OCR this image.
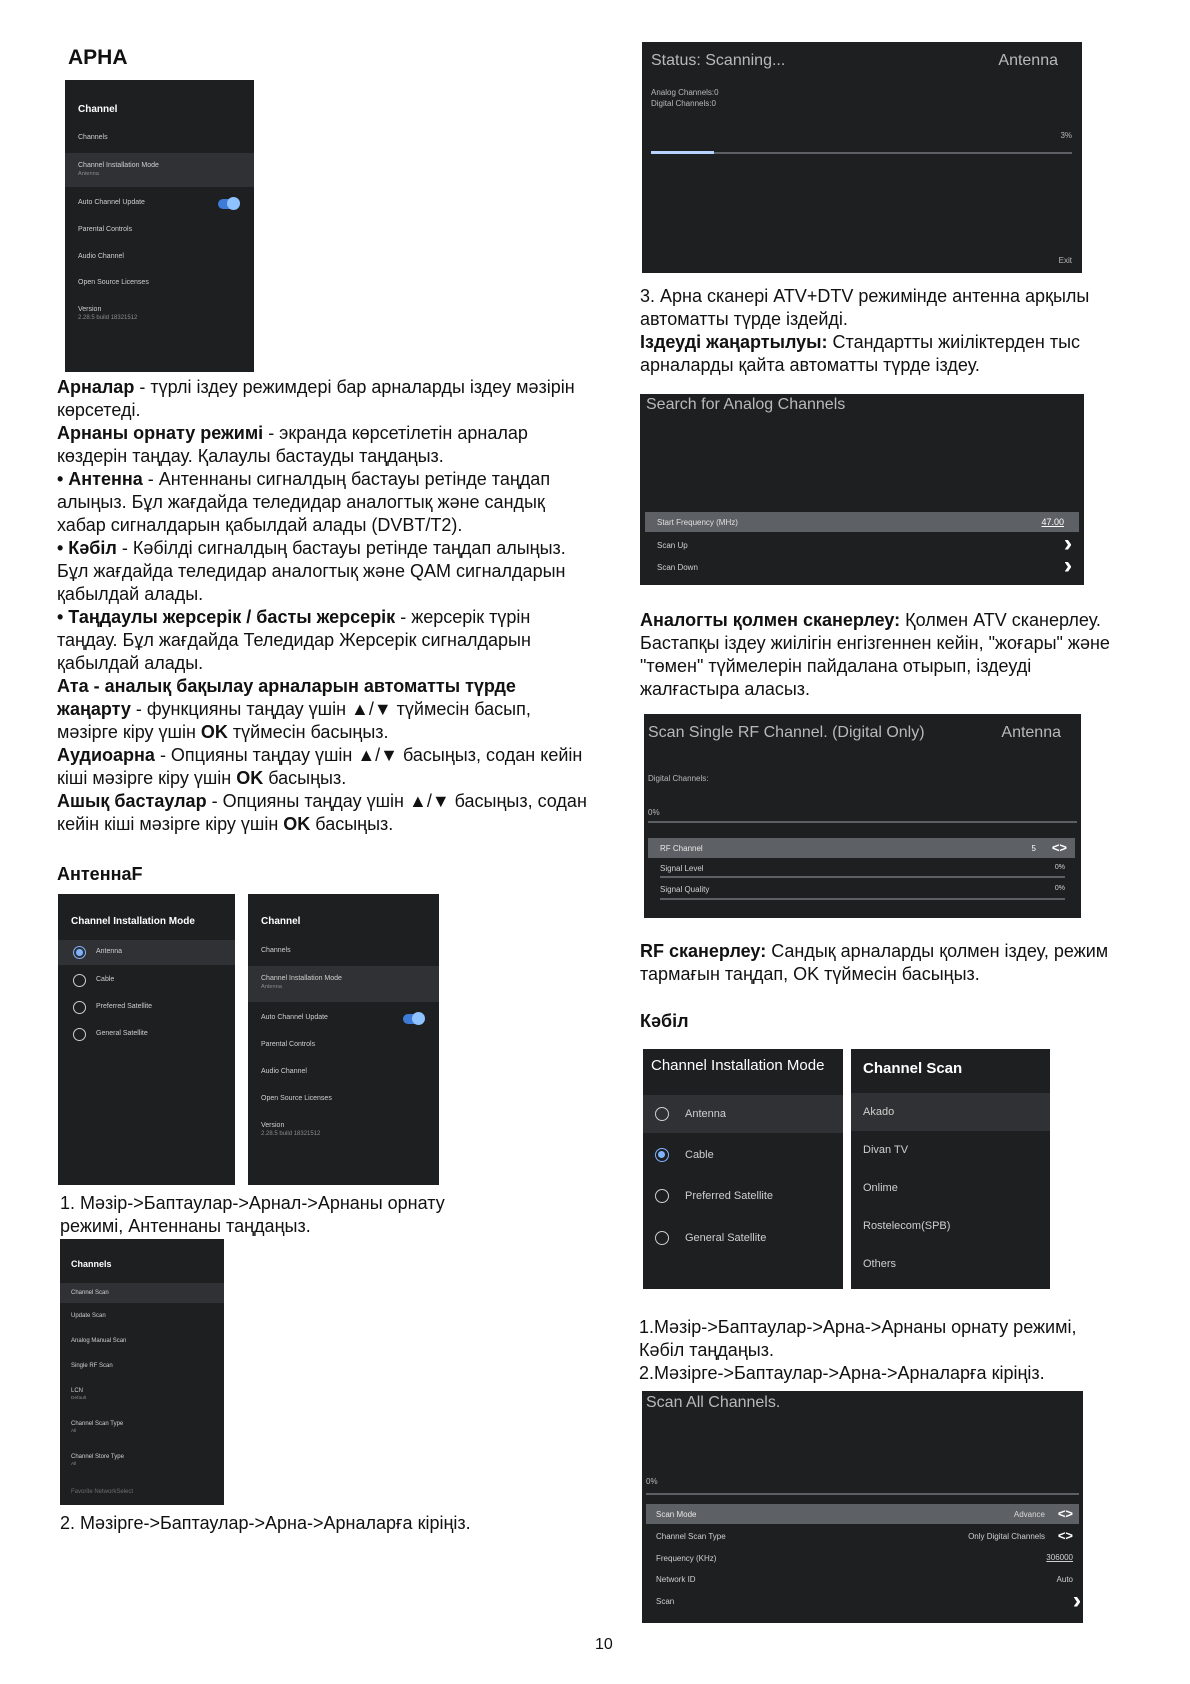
АРНА
Channel
Channels
Channel Installation Mode
Antenna
Auto Channel Update
Parental Controls
Audio Channel
Open Source Licenses
Version
2.28.5 build 18321512

Арналар - түрлі іздеу режимдері бар арналарды іздеу мәзірін көрсетеді.

Арнаны орнату режимі - экранда көрсетілетін арналар көздерін таңдау. Қалаулы бастауды таңдаңыз.

• Антенна - Антеннаны сигналдың бастауы ретінде таңдап алыңыз. Бұл жағдайда теледидар аналогтық және сандық хабар сигналдарын қабылдай алады (DVBT/T2).

• Кәбіл - Кәбілді сигналдың бастауы ретінде таңдап алыңыз. Бұл жағдайда теледидар аналогтық және QAM сигналдарын қабылдай алады.

• Таңдаулы жерсерік / басты жерсерік - жерсерік түрін таңдау. Бұл жағдайда Теледидар Жерсерік сигналдарын қабылдай алады.

Ата - аналық бақылау арналарын автоматты түрде жаңарту - функцияны таңдау үшін ▲/▼ түймесін басып, мәзірге кіру үшін OK түймесін басыңыз.

Аудиоарна - Опцияны таңдау үшін ▲/▼ басыңыз, содан кейін кіші мәзірге кіру үшін OK басыңыз.

Ашық бастаулар - Опцияны таңдау үшін ▲/▼ басыңыз, содан кейін кіші мәзірге кіру үшін OK басыңыз.

АнтеннаF
Channel Installation Mode
Antenna
Cable
Preferred Satellite
General Satellite
Channel
Channels
Channel Installation Mode
Antenna
Auto Channel Update
Parental Controls
Audio Channel
Open Source Licenses
Version
2.28.5 build 18321512
1. Мәзір->Баптаулар->Арнал->Арнаны орнату режимі, Антеннаны таңдаңыз.
Channels
Channel Scan
Update Scan
Analog Manual Scan
Single RF Scan
LCN
Default
Channel Scan Type
All
Channel Store Type
All
Favorite NetworkSelect
2. Мәзірге->Баптаулар->Арна->Арналарға кіріңіз.
Status: Scanning...	Antenna
Analog Channels:0
Digital Channels:0
3%
Exit

3. Арна сканері ATV+DTV режимінде антенна арқылы автоматты түрде іздейді.

Іздеуді жаңартылуы: Стандартты жиіліктерден тыс арналарды қайта автоматты түрде іздеу.

Search for Analog Channels
Start Frequency (MHz)	47.00
Scan Up
Scan Down

Аналогты қолмен сканерлеу: Қолмен ATV сканерлеу. Бастапқы іздеу жиілігін енгізгеннен кейін, "жоғары" және "төмен" түймелерін пайдалана отырып, іздеуді жалғастыра аласыз.

Scan Single RF Channel. (Digital Only)	Antenna
Digital Channels:
0%
RF Channel	5 <>
Signal Level	0%
Signal Quality	0%

RF сканерлеу: Сандық арналарды қолмен іздеу, режим тармағын таңдап, OK түймесін басыңыз.

Кәбіл
Channel Installation Mode
Antenna
Cable
Preferred Satellite
General Satellite
Channel Scan
Akado
Divan TV
Onlime
Rostelecom(SPB)
Others
1.Мәзір->Баптаулар->Арна->Арнаны орнату режимі, Кәбіл таңдаңыз.
2.Мәзірге->Баптаулар->Арна->Арналарға кіріңіз.
Scan All Channels.
0%
Scan Mode	Advance <>
Channel Scan Type	Only Digital Channels <>
Frequency (KHz)	306000
Network ID	Auto
Scan
10
